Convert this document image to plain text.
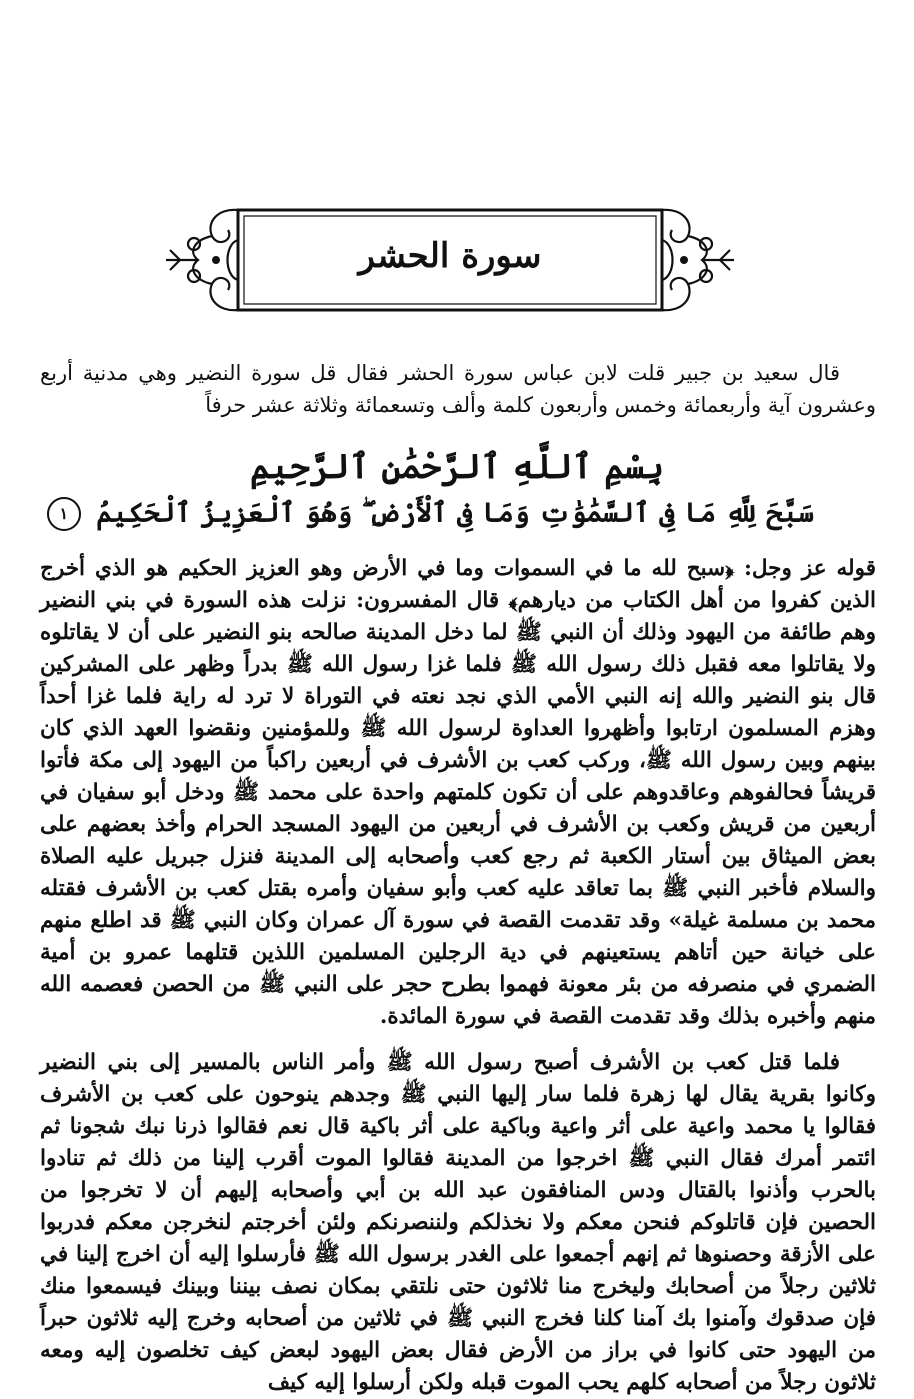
سورة الحشر

قال سعيد بن جبير قلت لابن عباس سورة الحشر فقال قل سورة النضير وهي مدنية أربع وعشرون آية وأربعمائة وخمس وأربعون كلمة وألف وتسعمائة وثلاثة عشر حرفاً

بِسْمِ ٱللَّهِ ٱلرَّحْمَٰنِ ٱلرَّحِيمِ
سَبَّحَ لِلَّهِ مَا فِى ٱلسَّمَٰوَٰتِ وَمَا فِى ٱلْأَرْضِ ۖ وَهُوَ ٱلْعَزِيزُ ٱلْحَكِيمُ ١

قوله عز وجل: ﴿سبح لله ما في السموات وما في الأرض وهو العزيز الحكيم هو الذي أخرج الذين كفروا من أهل الكتاب من ديارهم﴾ قال المفسرون: نزلت هذه السورة في بني النضير وهم طائفة من اليهود وذلك أن النبي ﷺ لما دخل المدينة صالحه بنو النضير على أن لا يقاتلوه ولا يقاتلوا معه فقبل ذلك رسول الله ﷺ فلما غزا رسول الله ﷺ بدراً وظهر على المشركين قال بنو النضير والله إنه النبي الأمي الذي نجد نعته في التوراة لا ترد له راية فلما غزا أحداً وهزم المسلمون ارتابوا وأظهروا العداوة لرسول الله ﷺ وللمؤمنين ونقضوا العهد الذي كان بينهم وبين رسول الله ﷺ، وركب كعب بن الأشرف في أربعين راكباً من اليهود إلى مكة فأتوا قريشاً فحالفوهم وعاقدوهم على أن تكون كلمتهم واحدة على محمد ﷺ ودخل أبو سفيان في أربعين من قريش وكعب بن الأشرف في أربعين من اليهود المسجد الحرام وأخذ بعضهم على بعض الميثاق بين أستار الكعبة ثم رجع كعب وأصحابه إلى المدينة فنزل جبريل عليه الصلاة والسلام فأخبر النبي ﷺ بما تعاقد عليه كعب وأبو سفيان وأمره بقتل كعب بن الأشرف فقتله محمد بن مسلمة غيلة» وقد تقدمت القصة في سورة آل عمران وكان النبي ﷺ قد اطلع منهم على خيانة حين أتاهم يستعينهم في دية الرجلين المسلمين اللذين قتلهما عمرو بن أمية الضمري في منصرفه من بئر معونة فهموا بطرح حجر على النبي ﷺ من الحصن فعصمه الله منهم وأخبره بذلك وقد تقدمت القصة في سورة المائدة.

فلما قتل كعب بن الأشرف أصبح رسول الله ﷺ وأمر الناس بالمسير إلى بني النضير وكانوا بقرية يقال لها زهرة فلما سار إليها النبي ﷺ وجدهم ينوحون على كعب بن الأشرف فقالوا يا محمد واعية على أثر واعية وباكية على أثر باكية قال نعم فقالوا ذرنا نبك شجونا ثم ائتمر أمرك فقال النبي ﷺ اخرجوا من المدينة فقالوا الموت أقرب إلينا من ذلك ثم تنادوا بالحرب وأذنوا بالقتال ودس المنافقون عبد الله بن أبي وأصحابه إليهم أن لا تخرجوا من الحصين فإن قاتلوكم فنحن معكم ولا نخذلكم ولننصرنكم ولئن أخرجتم لنخرجن معكم فدربوا على الأزقة وحصنوها ثم إنهم أجمعوا على الغدر برسول الله ﷺ فأرسلوا إليه أن اخرج إلينا في ثلاثين رجلاً من أصحابك وليخرج منا ثلاثون حتى نلتقي بمكان نصف بيننا وبينك فيسمعوا منك فإن صدقوك وآمنوا بك آمنا كلنا فخرج النبي ﷺ في ثلاثين من أصحابه وخرج إليه ثلاثون حبراً من اليهود حتى كانوا في براز من الأرض فقال بعض اليهود لبعض كيف تخلصون إليه ومعه ثلاثون رجلاً من أصحابه كلهم يحب الموت قبله ولكن أرسلوا إليه كيف
